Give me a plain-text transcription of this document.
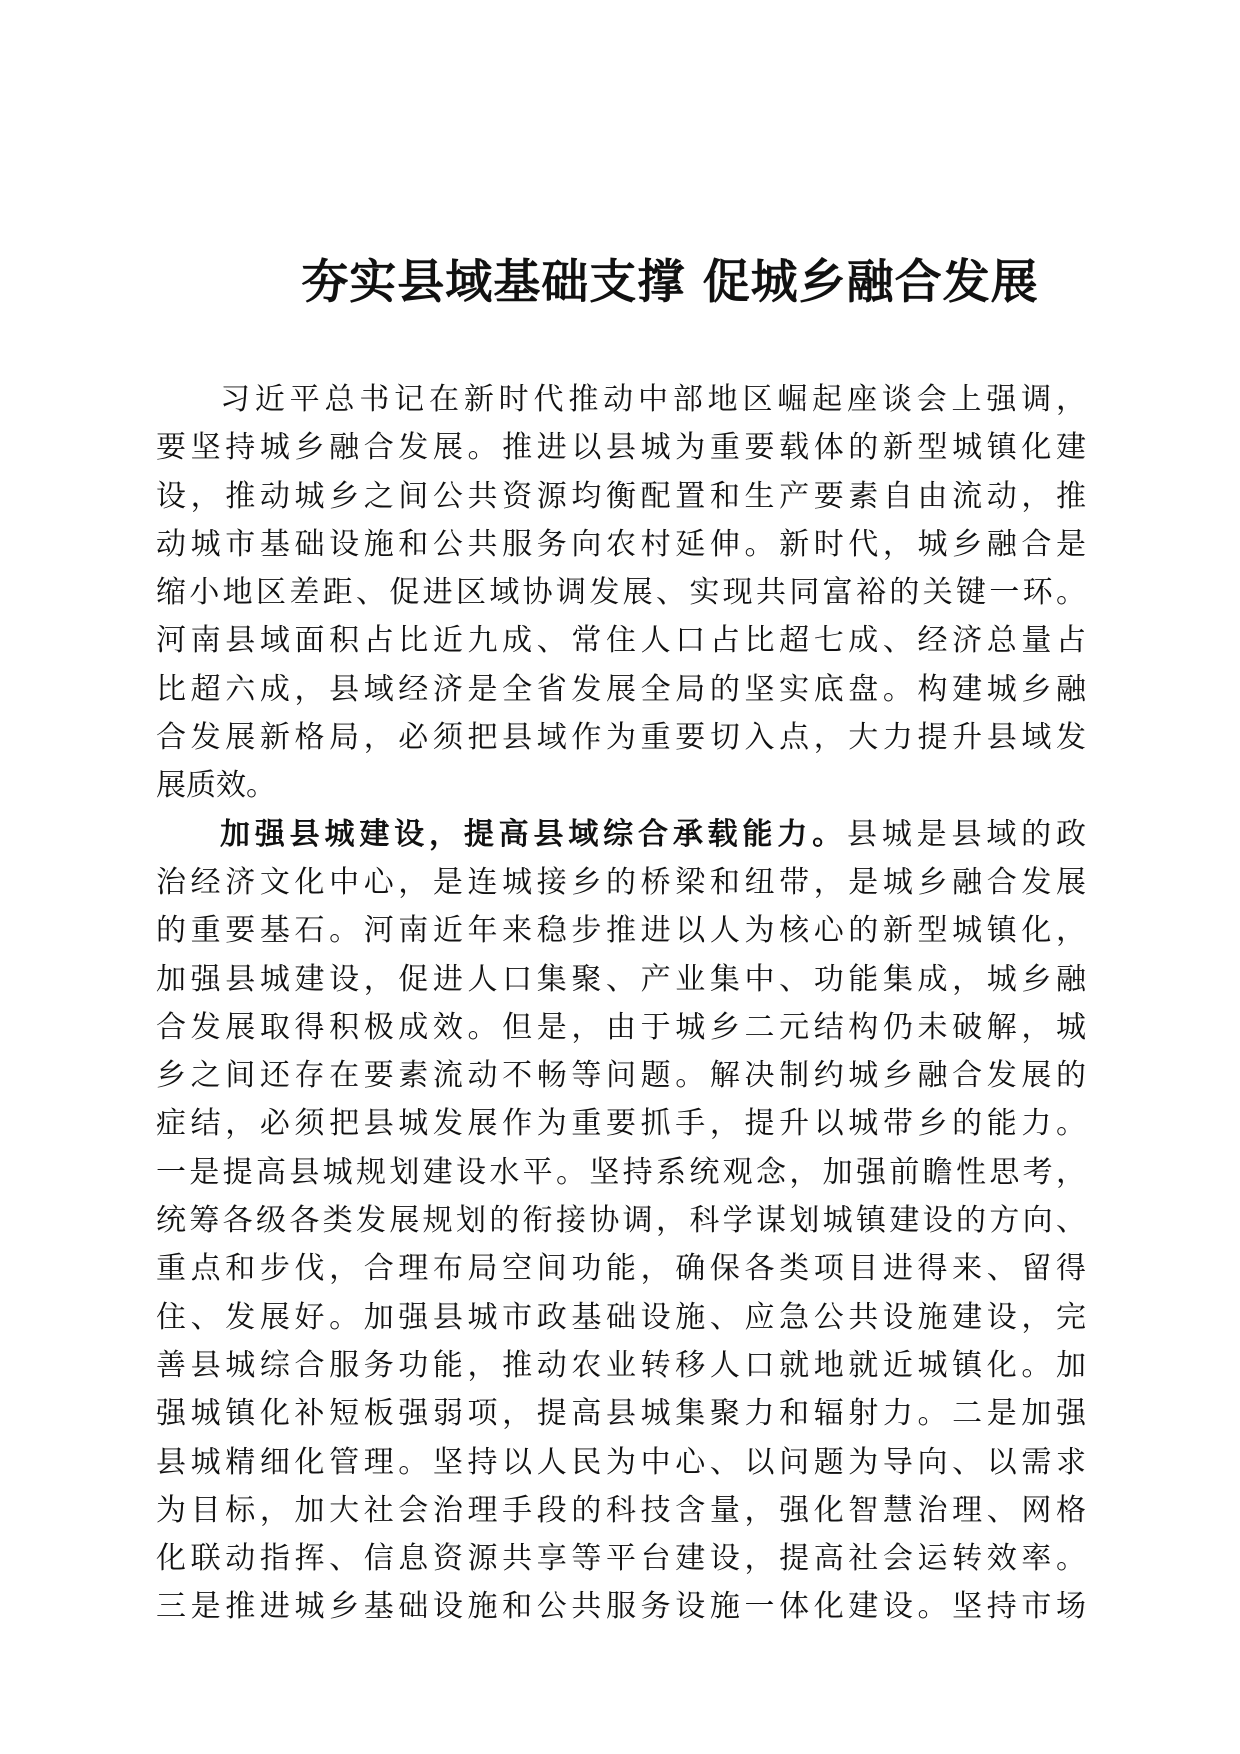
夯实县域基础支撑 促城乡融合发展
习近平总书记在新时代推动中部地区崛起座谈会上强调，
要坚持城乡融合发展。推进以县城为重要载体的新型城镇化建
设，推动城乡之间公共资源均衡配置和生产要素自由流动，推
动城市基础设施和公共服务向农村延伸。新时代，城乡融合是
缩小地区差距、促进区域协调发展、实现共同富裕的关键一环。
河南县域面积占比近九成、常住人口占比超七成、经济总量占
比超六成，县域经济是全省发展全局的坚实底盘。构建城乡融
合发展新格局，必须把县域作为重要切入点，大力提升县域发
展质效。
加强县城建设，提高县域综合承载能力。县城是县域的政
治经济文化中心，是连城接乡的桥梁和纽带，是城乡融合发展
的重要基石。河南近年来稳步推进以人为核心的新型城镇化，
加强县城建设，促进人口集聚、产业集中、功能集成，城乡融
合发展取得积极成效。但是，由于城乡二元结构仍未破解，城
乡之间还存在要素流动不畅等问题。解决制约城乡融合发展的
症结，必须把县城发展作为重要抓手，提升以城带乡的能力。
一是提高县城规划建设水平。坚持系统观念，加强前瞻性思考，
统筹各级各类发展规划的衔接协调，科学谋划城镇建设的方向、
重点和步伐，合理布局空间功能，确保各类项目进得来、留得
住、发展好。加强县城市政基础设施、应急公共设施建设，完
善县城综合服务功能，推动农业转移人口就地就近城镇化。加
强城镇化补短板强弱项，提高县城集聚力和辐射力。二是加强
县城精细化管理。坚持以人民为中心、以问题为导向、以需求
为目标，加大社会治理手段的科技含量，强化智慧治理、网格
化联动指挥、信息资源共享等平台建设，提高社会运转效率。
三是推进城乡基础设施和公共服务设施一体化建设。坚持市场
